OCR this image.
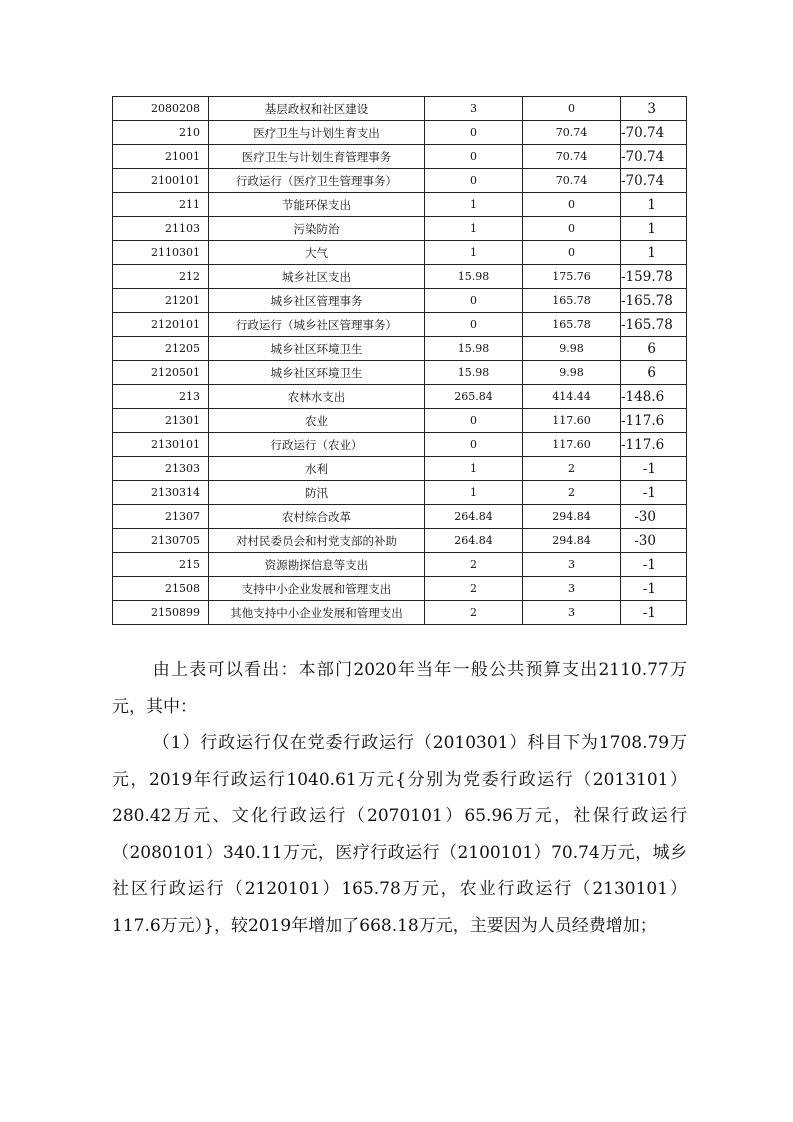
2080208	基层政权和社区建设	3	0	3
210	医疗卫生与计划生育支出	0	70.74	-70.74
21001	医疗卫生与计划生育管理事务	0	70.74	-70.74
2100101	行政运行（医疗卫生管理事务）	0	70.74	-70.74
211	节能环保支出	1	0	1
21103	污染防治	1	0	1
2110301	大气	1	0	1
212	城乡社区支出	15.98	175.76	-159.78
21201	城乡社区管理事务	0	165.78	-165.78
2120101	行政运行（城乡社区管理事务）	0	165.78	-165.78
21205	城乡社区环境卫生	15.98	9.98	6
2120501	城乡社区环境卫生	15.98	9.98	6
213	农林水支出	265.84	414.44	-148.6
21301	农业	0	117.60	-117.6
2130101	行政运行（农业）	0	117.60	-117.6
21303	水利	1	2	-1
2130314	防汛	1	2	-1
21307	农村综合改革	264.84	294.84	-30
2130705	对村民委员会和村党支部的补助	264.84	294.84	-30
215	资源勘探信息等支出	2	3	-1
21508	支持中小企业发展和管理支出	2	3	-1
2150899	其他支持中小企业发展和管理支出	2	3	-1

由上表可以看出：本部门2020年当年一般公共预算支出2110.77万元，其中：

（1）行政运行仅在党委行政运行（2010301）科目下为1708.79万元，2019年行政运行1040.61万元{分别为党委行政运行（2013101）280.42万元、文化行政运行（2070101）65.96万元，社保行政运行（2080101）340.11万元，医疗行政运行（2100101）70.74万元，城乡社区行政运行（2120101）165.78万元，农业行政运行（2130101）117.6万元）}，较2019年增加了668.18万元，主要因为人员经费增加；
